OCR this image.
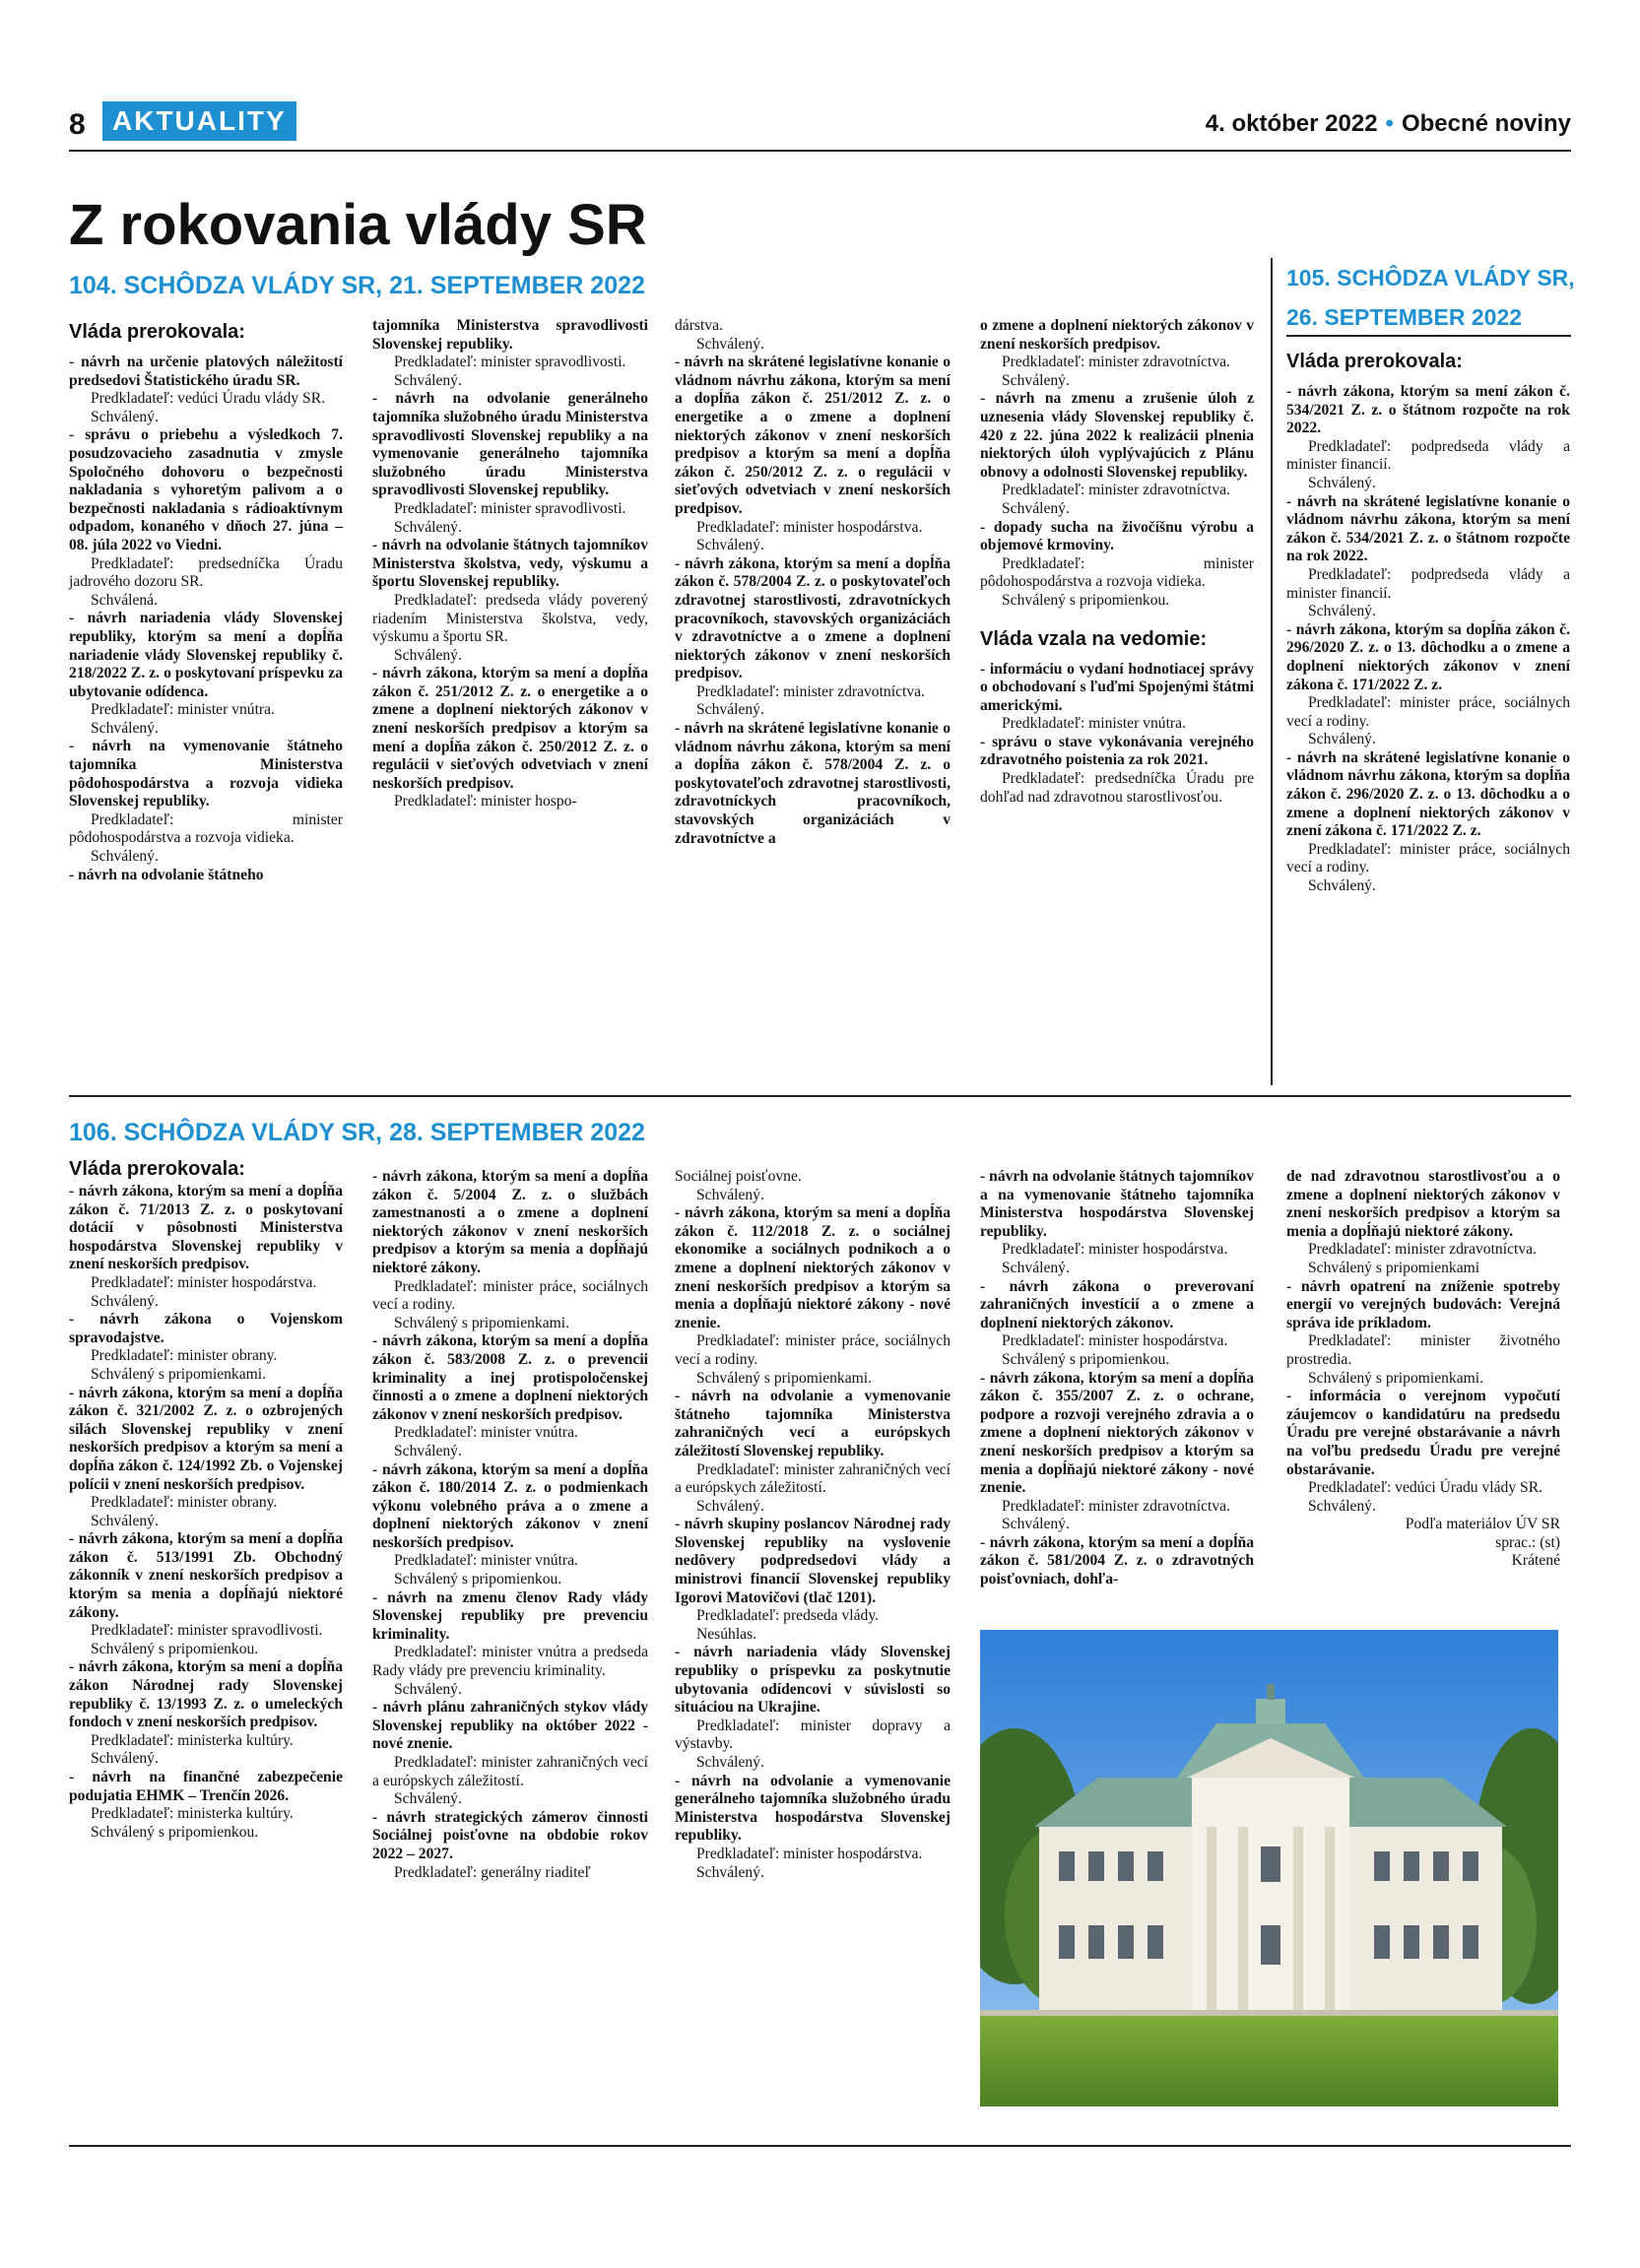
8 AKTUALITY	4. október 2022 • Obecné noviny
Z rokovania vlády SR
104. SCHÔDZA VLÁDY SR, 21. SEPTEMBER 2022
Vláda prerokovala:

- návrh na určenie platových náležitostí predsedovi Štatistického úradu SR.

Predkladateľ: vedúci Úradu vlády SR.

Schválený.

- správu o priebehu a výsledkoch 7. posudzovacieho zasadnutia v zmysle Spoločného dohovoru o bezpečnosti nakladania s vyhoretým palivom a o bezpečnosti nakladania s rádioaktívnym odpadom, konaného v dňoch 27. júna – 08. júla 2022 vo Viedni.

Predkladateľ: predsedníčka Úradu jadrového dozoru SR.

Schválená.

- návrh nariadenia vlády Slovenskej republiky, ktorým sa mení a dopĺňa nariadenie vlády Slovenskej republiky č. 218/2022 Z. z. o poskytovaní príspevku za ubytovanie odídenca.

Predkladateľ: minister vnútra.

Schválený.

- návrh na vymenovanie štátneho tajomníka Ministerstva pôdohospodárstva a rozvoja vidieka Slovenskej republiky.

Predkladateľ: minister pôdohospodárstva a rozvoja vidieka.

Schválený.

- návrh na odvolanie štátneho

tajomníka Ministerstva spravodlivosti Slovenskej republiky.

Predkladateľ: minister spravodlivosti.

Schválený.

- návrh na odvolanie generálneho tajomníka služobného úradu Ministerstva spravodlivosti Slovenskej republiky a na vymenovanie generálneho tajomníka služobného úradu Ministerstva spravodlivosti Slovenskej republiky.

Predkladateľ: minister spravodlivosti.

Schválený.

- návrh na odvolanie štátnych tajomníkov Ministerstva školstva, vedy, výskumu a športu Slovenskej republiky.

Predkladateľ: predseda vlády poverený riadením Ministerstva školstva, vedy, výskumu a športu SR.

Schválený.

- návrh zákona, ktorým sa mení a dopĺňa zákon č. 251/2012 Z. z. o energetike a o zmene a doplnení niektorých zákonov v znení neskorších predpisov a ktorým sa mení a dopĺňa zákon č. 250/2012 Z. z. o regulácii v sieťových odvetviach v znení neskorších predpisov.

Predkladateľ: minister hospo-

dárstva.

Schválený.

- návrh na skrátené legislatívne konanie o vládnom návrhu zákona, ktorým sa mení a dopĺňa zákon č. 251/2012 Z. z. o energetike a o zmene a doplnení niektorých zákonov v znení neskorších predpisov a ktorým sa mení a dopĺňa zákon č. 250/2012 Z. z. o regulácii v sieťových odvetviach v znení neskorších predpisov.

Predkladateľ: minister hospodárstva.

Schválený.

- návrh zákona, ktorým sa mení a dopĺňa zákon č. 578/2004 Z. z. o poskytovateľoch zdravotnej starostlivosti, zdravotníckych pracovníkoch, stavovských organizáciách v zdravotníctve a o zmene a doplnení niektorých zákonov v znení neskorších predpisov.

Predkladateľ: minister zdravotníctva.

Schválený.

- návrh na skrátené legislatívne konanie o vládnom návrhu zákona, ktorým sa mení a dopĺňa zákon č. 578/2004 Z. z. o poskytovateľoch zdravotnej starostlivosti, zdravotníckych pracovníkoch, stavovských organizáciách v zdravotníctve a

o zmene a doplnení niektorých zákonov v znení neskorších predpisov.

Predkladateľ: minister zdravotníctva.

Schválený.

- návrh na zmenu a zrušenie úloh z uznesenia vlády Slovenskej republiky č. 420 z 22. júna 2022 k realizácii plnenia niektorých úloh vyplývajúcich z Plánu obnovy a odolnosti Slovenskej republiky.

Predkladateľ: minister zdravotníctva.

Schválený.

- dopady sucha na živočíšnu výrobu a objemové krmoviny.

Predkladateľ: minister pôdohospodárstva a rozvoja vidieka.

Schválený s pripomienkou.

Vláda vzala na vedomie:

- informáciu o vydaní hodnotiacej správy o obchodovaní s ľuďmi Spojenými štátmi americkými.

Predkladateľ: minister vnútra.

- správu o stave vykonávania verejného zdravotného poistenia za rok 2021.

Predkladateľ: predsedníčka Úradu pre dohľad nad zdravotnou starostlivosťou.

105. SCHÔDZA VLÁDY SR,
26. SEPTEMBER 2022
Vláda prerokovala:

- návrh zákona, ktorým sa mení zákon č. 534/2021 Z. z. o štátnom rozpočte na rok 2022.

Predkladateľ: podpredseda vlády a minister financií.

Schválený.

- návrh na skrátené legislatívne konanie o vládnom návrhu zákona, ktorým sa mení zákon č. 534/2021 Z. z. o štátnom rozpočte na rok 2022.

Predkladateľ: podpredseda vlády a minister financií.

Schválený.

- návrh zákona, ktorým sa dopĺňa zákon č. 296/2020 Z. z. o 13. dôchodku a o zmene a doplnení niektorých zákonov v znení zákona č. 171/2022 Z. z.

Predkladateľ: minister práce, sociálnych vecí a rodiny.

Schválený.

- návrh na skrátené legislatívne konanie o vládnom návrhu zákona, ktorým sa dopĺňa zákon č. 296/2020 Z. z. o 13. dôchodku a o zmene a doplnení niektorých zákonov v znení zákona č. 171/2022 Z. z.

Predkladateľ: minister práce, sociálnych vecí a rodiny.

Schválený.

106. SCHÔDZA VLÁDY SR, 28. SEPTEMBER 2022
Vláda prerokovala:

- návrh zákona, ktorým sa mení a dopĺňa zákon č. 71/2013 Z. z. o poskytovaní dotácií v pôsobnosti Ministerstva hospodárstva Slovenskej republiky v znení neskorších predpisov.

Predkladateľ: minister hospodárstva.

Schválený.

- návrh zákona o Vojenskom spravodajstve.

Predkladateľ: minister obrany.

Schválený s pripomienkami.

- návrh zákona, ktorým sa mení a dopĺňa zákon č. 321/2002 Z. z. o ozbrojených silách Slovenskej republiky v znení neskorších predpisov a ktorým sa mení a dopĺňa zákon č. 124/1992 Zb. o Vojenskej polícii v znení neskorších predpisov.

Predkladateľ: minister obrany.

Schválený.

- návrh zákona, ktorým sa mení a dopĺňa zákon č. 513/1991 Zb. Obchodný zákonník v znení neskorších predpisov a ktorým sa menia a dopĺňajú niektoré zákony.

Predkladateľ: minister spravodlivosti.

Schválený s pripomienkou.

- návrh zákona, ktorým sa mení a dopĺňa zákon Národnej rady Slovenskej republiky č. 13/1993 Z. z. o umeleckých fondoch v znení neskorších predpisov.

Predkladateľ: ministerka kultúry.

Schválený.

- návrh na finančné zabezpečenie podujatia EHMK – Trenčín 2026.

Predkladateľ: ministerka kultúry.

Schválený s pripomienkou.

- návrh zákona, ktorým sa mení a dopĺňa zákon č. 5/2004 Z. z. o službách zamestnanosti a o zmene a doplnení niektorých zákonov v znení neskorších predpisov a ktorým sa menia a dopĺňajú niektoré zákony.

Predkladateľ: minister práce, sociálnych vecí a rodiny.

Schválený s pripomienkami.

- návrh zákona, ktorým sa mení a dopĺňa zákon č. 583/2008 Z. z. o prevencii kriminality a inej protispoločenskej činnosti a o zmene a doplnení niektorých zákonov v znení neskorších predpisov.

Predkladateľ: minister vnútra.

Schválený.

- návrh zákona, ktorým sa mení a dopĺňa zákon č. 180/2014 Z. z. o podmienkach výkonu volebného práva a o zmene a doplnení niektorých zákonov v znení neskorších predpisov.

Predkladateľ: minister vnútra.

Schválený s pripomienkou.

- návrh na zmenu členov Rady vlády Slovenskej republiky pre prevenciu kriminality.

Predkladateľ: minister vnútra a predseda Rady vlády pre prevenciu kriminality.

Schválený.

- návrh plánu zahraničných stykov vlády Slovenskej republiky na október 2022 - nové znenie.

Predkladateľ: minister zahraničných vecí a európskych záležitostí.

Schválený.

- návrh strategických zámerov činnosti Sociálnej poisťovne na obdobie rokov 2022 – 2027.

Predkladateľ: generálny riaditeľ

Sociálnej poisťovne.

Schválený.

- návrh zákona, ktorým sa mení a dopĺňa zákon č. 112/2018 Z. z. o sociálnej ekonomike a sociálnych podnikoch a o zmene a doplnení niektorých zákonov v znení neskorších predpisov a ktorým sa menia a dopĺňajú niektoré zákony - nové znenie.

Predkladateľ: minister práce, sociálnych vecí a rodiny.

Schválený s pripomienkami.

- návrh na odvolanie a vymenovanie štátneho tajomníka Ministerstva zahraničných vecí a európskych záležitostí Slovenskej republiky.

Predkladateľ: minister zahraničných vecí a európskych záležitostí.

Schválený.

- návrh skupiny poslancov Národnej rady Slovenskej republiky na vyslovenie nedôvery podpredsedovi vlády a ministrovi financií Slovenskej republiky Igorovi Matovičovi (tlač 1201).

Predkladateľ: predseda vlády.

Nesúhlas.

- návrh nariadenia vlády Slovenskej republiky o príspevku za poskytnutie ubytovania odídencovi v súvislosti so situáciou na Ukrajine.

Predkladateľ: minister dopravy a výstavby.

Schválený.

- návrh na odvolanie a vymenovanie generálneho tajomníka služobného úradu Ministerstva hospodárstva Slovenskej republiky.

Predkladateľ: minister hospodárstva.

Schválený.

- návrh na odvolanie štátnych tajomníkov a na vymenovanie štátneho tajomníka Ministerstva hospodárstva Slovenskej republiky.

Predkladateľ: minister hospodárstva.

Schválený.

- návrh zákona o preverovaní zahraničných investícií a o zmene a doplnení niektorých zákonov.

Predkladateľ: minister hospodárstva.

Schválený s pripomienkou.

- návrh zákona, ktorým sa mení a dopĺňa zákon č. 355/2007 Z. z. o ochrane, podpore a rozvoji verejného zdravia a o zmene a doplnení niektorých zákonov v znení neskorších predpisov a ktorým sa menia a dopĺňajú niektoré zákony - nové znenie.

Predkladateľ: minister zdravotníctva.

Schválený.

- návrh zákona, ktorým sa mení a dopĺňa zákon č. 581/2004 Z. z. o zdravotných poisťovniach, dohľa-

de nad zdravotnou starostlivosťou a o zmene a doplnení niektorých zákonov v znení neskorších predpisov a ktorým sa menia a dopĺňajú niektoré zákony.

Predkladateľ: minister zdravotníctva.

Schválený s pripomienkami

- návrh opatrení na zníženie spotreby energií vo verejných budovách: Verejná správa ide príkladom.

Predkladateľ: minister životného prostredia.

Schválený s pripomienkami.

- informácia o verejnom vypočutí záujemcov o kandidatúru na predsedu Úradu pre verejné obstarávanie a návrh na voľbu predsedu Úradu pre verejné obstarávanie.

Predkladateľ: vedúci Úradu vlády SR.

Schválený.

Podľa materiálov ÚV SR

sprac.: (st)

Krátené
